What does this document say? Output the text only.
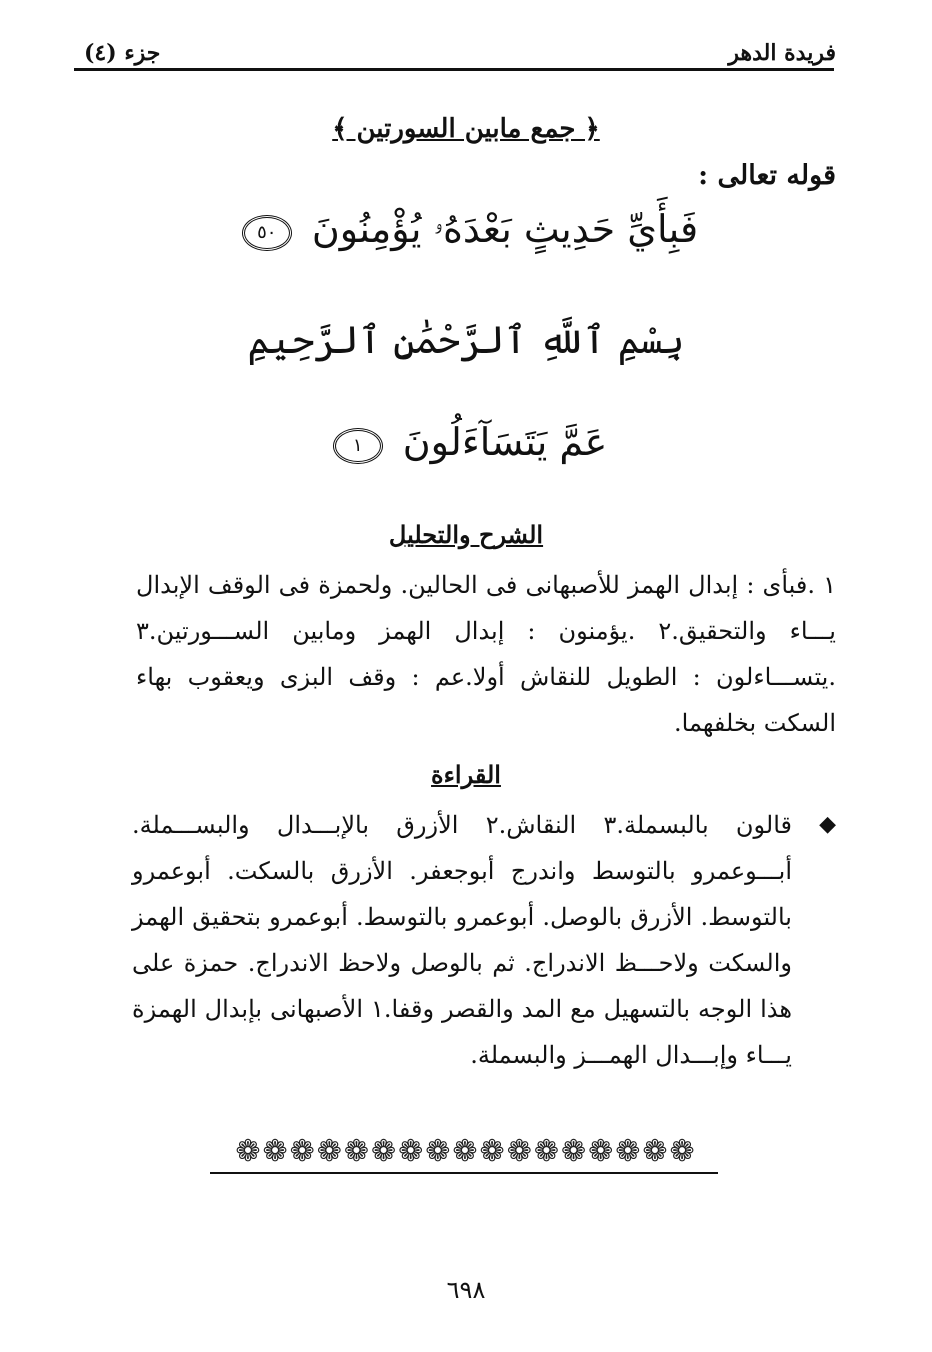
فريدة الدهر
جزء (٤)
﴿ جمع مابين السورتين ﴾
قوله تعالى :
فَبِأَيِّ حَدِيثٍ بَعْدَهُۥ يُؤْمِنُونَ ٥٠
بِسْمِ ٱللَّهِ ٱلرَّحْمَٰنِ ٱلرَّحِيمِ
عَمَّ يَتَسَآءَلُونَ ١
الشرح والتحليل
١ .فبأى : إبدال الهمز للأصبهانى فى الحالين. ولحمزة فى الوقف الإبدال يـــاء والتحقيق.٢ .يؤمنون : إبدال الهمز ومابين الســـورتين.٣ .يتســـاءلون : الطويل للنقاش أولا.عم : وقف البزى ويعقوب بهاء السكت بخلفهما.
القراءة
◆
قالون بالبسملة.٣ النقاش.٢ الأزرق بالإبـــدال والبســـملة. أبـــوعمرو بالتوسط واندرج أبوجعفر. الأزرق بالسكت. أبوعمرو بالتوسط. الأزرق بالوصل. أبوعمرو بالتوسط. أبوعمرو بتحقيق الهمز والسكت ولاحـــظ الاندراج. ثم بالوصل ولاحظ الاندراج. حمزة على هذا الوجه بالتسهيل مع المد والقصر وقفا.١ الأصبهانى بإبدال الهمزة يـــاء وإبـــدال الهمـــز والبسملة.
❁❁❁❁❁❁❁❁❁❁❁❁❁❁❁❁❁
٦٩٨
